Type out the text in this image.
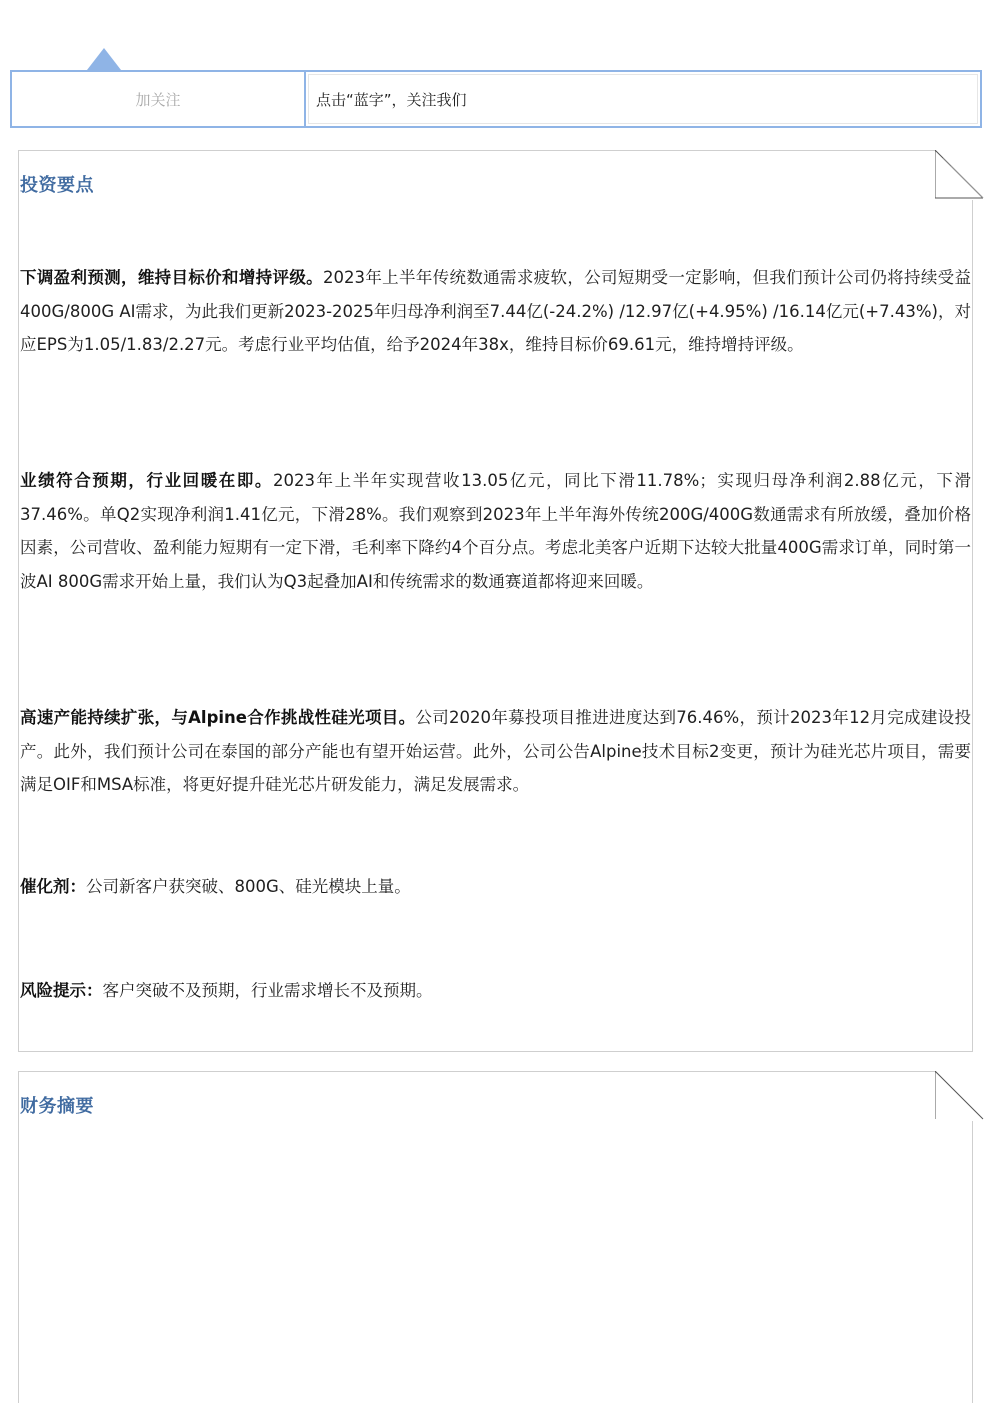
加关注	点击“蓝字”，关注我们
投资要点
下调盈利预测，维持目标价和增持评级。2023年上半年传统数通需求疲软，公司短期受一定影响，但我们预计公司仍将持续受益400G/800G AI需求，为此我们更新2023-2025年归母净利润至7.44亿(-24.2%) /12.97亿(+4.95%) /16.14亿元(+7.43%)，对应EPS为1.05/1.83/2.27元。考虑行业平均估值，给予2024年38x，维持目标价69.61元，维持增持评级。
业绩符合预期，行业回暖在即。2023年上半年实现营收13.05亿元，同比下滑11.78%；实现归母净利润2.88亿元，下滑37.46%。单Q2实现净利润1.41亿元，下滑28%。我们观察到2023年上半年海外传统200G/400G数通需求有所放缓，叠加价格因素，公司营收、盈利能力短期有一定下滑，毛利率下降约4个百分点。考虑北美客户近期下达较大批量400G需求订单，同时第一波AI 800G需求开始上量，我们认为Q3起叠加AI和传统需求的数通赛道都将迎来回暖。
高速产能持续扩张，与Alpine合作挑战性硅光项目。公司2020年募投项目推进进度达到76.46%，预计2023年12月完成建设投产。此外，我们预计公司在泰国的部分产能也有望开始运营。此外，公司公告Alpine技术目标2变更，预计为硅光芯片项目，需要满足OIF和MSA标准，将更好提升硅光芯片研发能力，满足发展需求。
催化剂：公司新客户获突破、800G、硅光模块上量。
风险提示：客户突破不及预期，行业需求增长不及预期。
财务摘要
